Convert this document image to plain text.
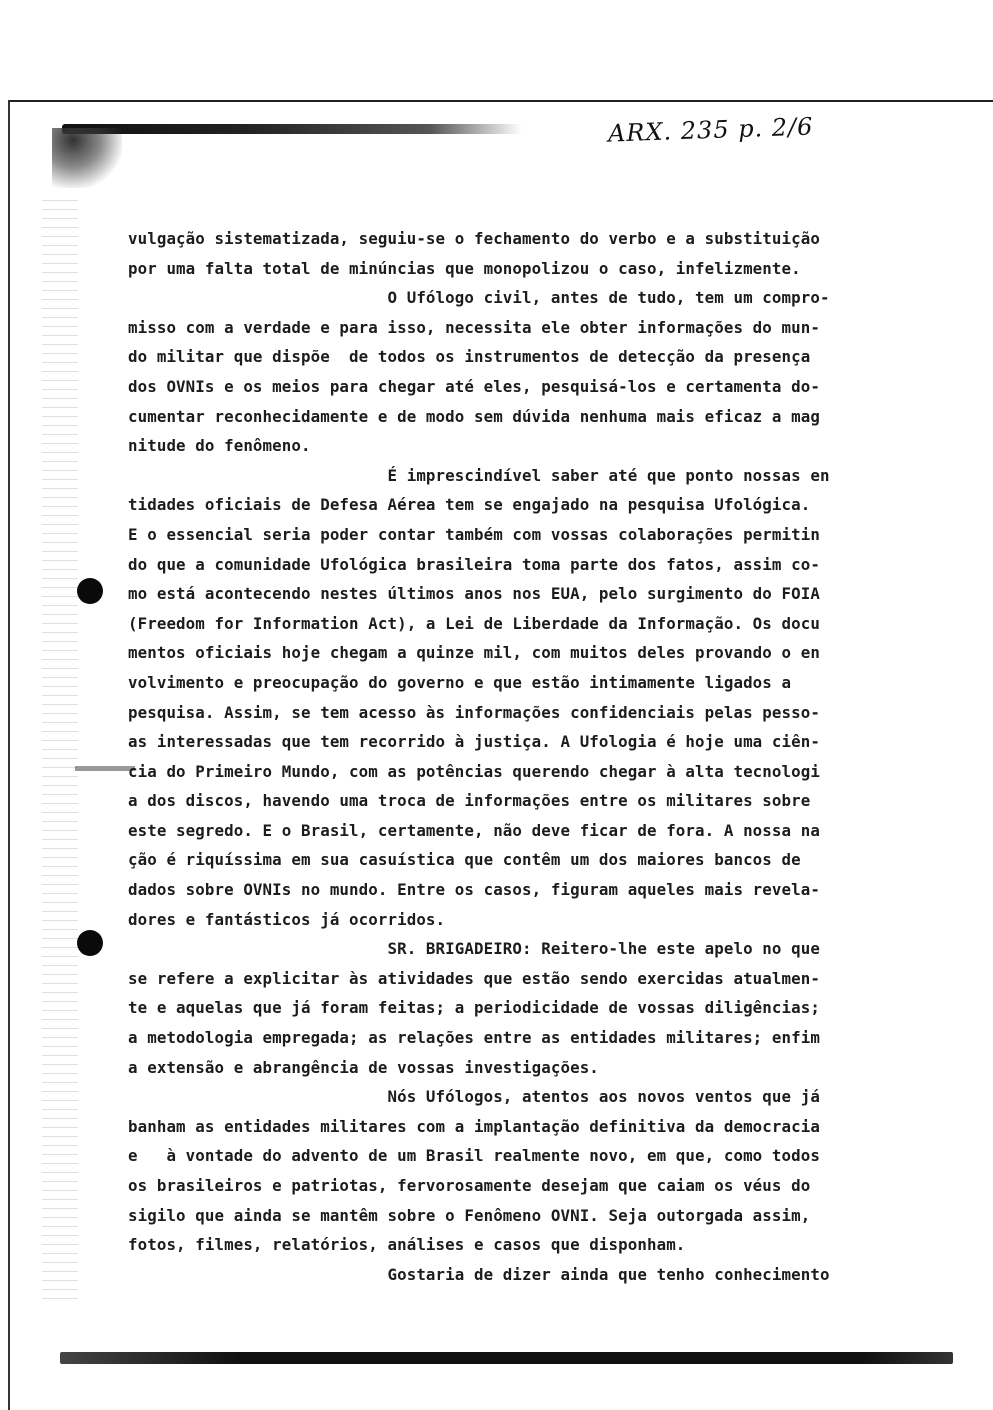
ARX. 235 p. 2/6
vulgação sistematizada, seguiu-se o fechamento do verbo e a substituição
por uma falta total de minúncias que monopolizou o caso, infelizmente.
O Ufólogo civil, antes de tudo, tem um compro-
misso com a verdade e para isso, necessita ele obter informações do mun-
do militar que dispõe  de todos os instrumentos de detecção da presença
dos OVNIs e os meios para chegar até eles, pesquisá-los e certamenta do-
cumentar reconhecidamente e de modo sem dúvida nenhuma mais eficaz a mag
nitude do fenômeno.
É imprescindível saber até que ponto nossas en
tidades oficiais de Defesa Aérea tem se engajado na pesquisa Ufológica.
E o essencial seria poder contar também com vossas colaborações permitin
do que a comunidade Ufológica brasileira toma parte dos fatos, assim co-
mo está acontecendo nestes últimos anos nos EUA, pelo surgimento do FOIA
(Freedom for Information Act), a Lei de Liberdade da Informação. Os docu
mentos oficiais hoje chegam a quinze mil, com muitos deles provando o en
volvimento e preocupação do governo e que estão intimamente ligados a
pesquisa. Assim, se tem acesso às informações confidenciais pelas pesso-
as interessadas que tem recorrido à justiça. A Ufologia é hoje uma ciên-
cia do Primeiro Mundo, com as potências querendo chegar à alta tecnologi
a dos discos, havendo uma troca de informações entre os militares sobre
este segredo. E o Brasil, certamente, não deve ficar de fora. A nossa na
ção é riquíssima em sua casuística que contêm um dos maiores bancos de
dados sobre OVNIs no mundo. Entre os casos, figuram aqueles mais revela-
dores e fantásticos já ocorridos.
SR. BRIGADEIRO: Reitero-lhe este apelo no que
se refere a explicitar às atividades que estão sendo exercidas atualmen-
te e aquelas que já foram feitas; a periodicidade de vossas diligências;
a metodologia empregada; as relações entre as entidades militares; enfim
a extensão e abrangência de vossas investigações.
Nós Ufólogos, atentos aos novos ventos que já
banham as entidades militares com a implantação definitiva da democracia
e   à vontade do advento de um Brasil realmente novo, em que, como todos
os brasileiros e patriotas, fervorosamente desejam que caiam os véus do
sigilo que ainda se mantêm sobre o Fenômeno OVNI. Seja outorgada assim,
fotos, filmes, relatórios, análises e casos que disponham.
Gostaria de dizer ainda que tenho conhecimento
